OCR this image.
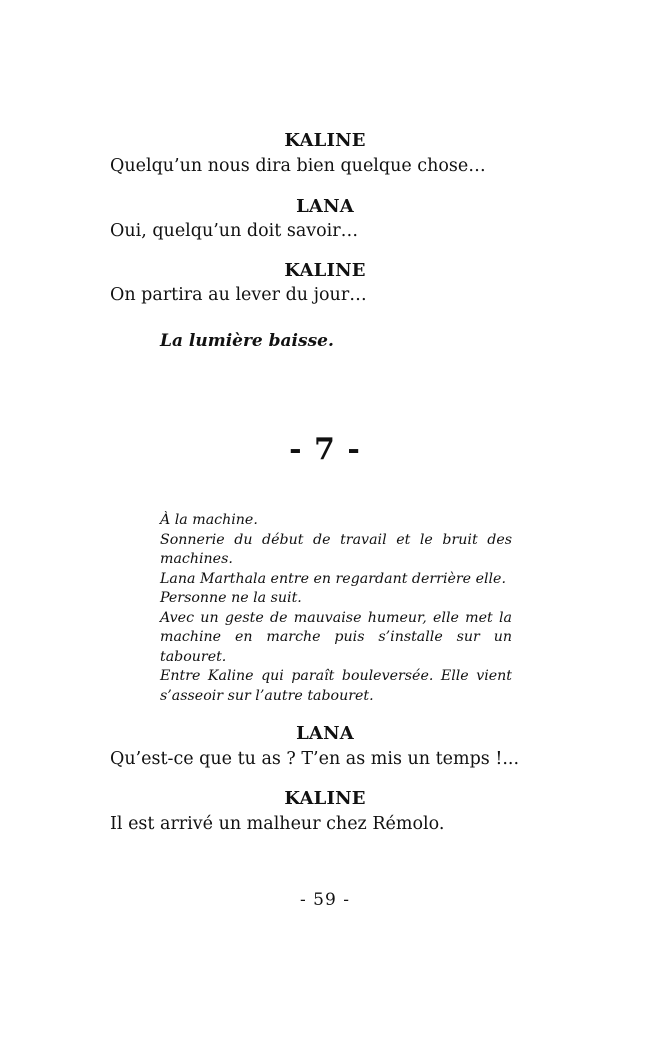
KALINE
Quelqu’un nous dira bien quelque chose…
LANA
Oui, quelqu’un doit savoir…
KALINE
On partira au lever du jour…
La lumière baisse.
- 7 -
À la machine.
Sonnerie du début de travail et le bruit des
machines.
Lana Marthala entre en regardant derrière elle.
Personne ne la suit.
Avec un geste de mauvaise humeur, elle met la
machine en marche puis s’installe sur un tabouret.
Entre Kaline qui paraît bouleversée. Elle vient
s’asseoir sur l’autre tabouret.
LANA
Qu’est-ce que tu as ? T’en as mis un temps !...
KALINE
Il est arrivé un malheur chez Rémolo.
- 59 -
